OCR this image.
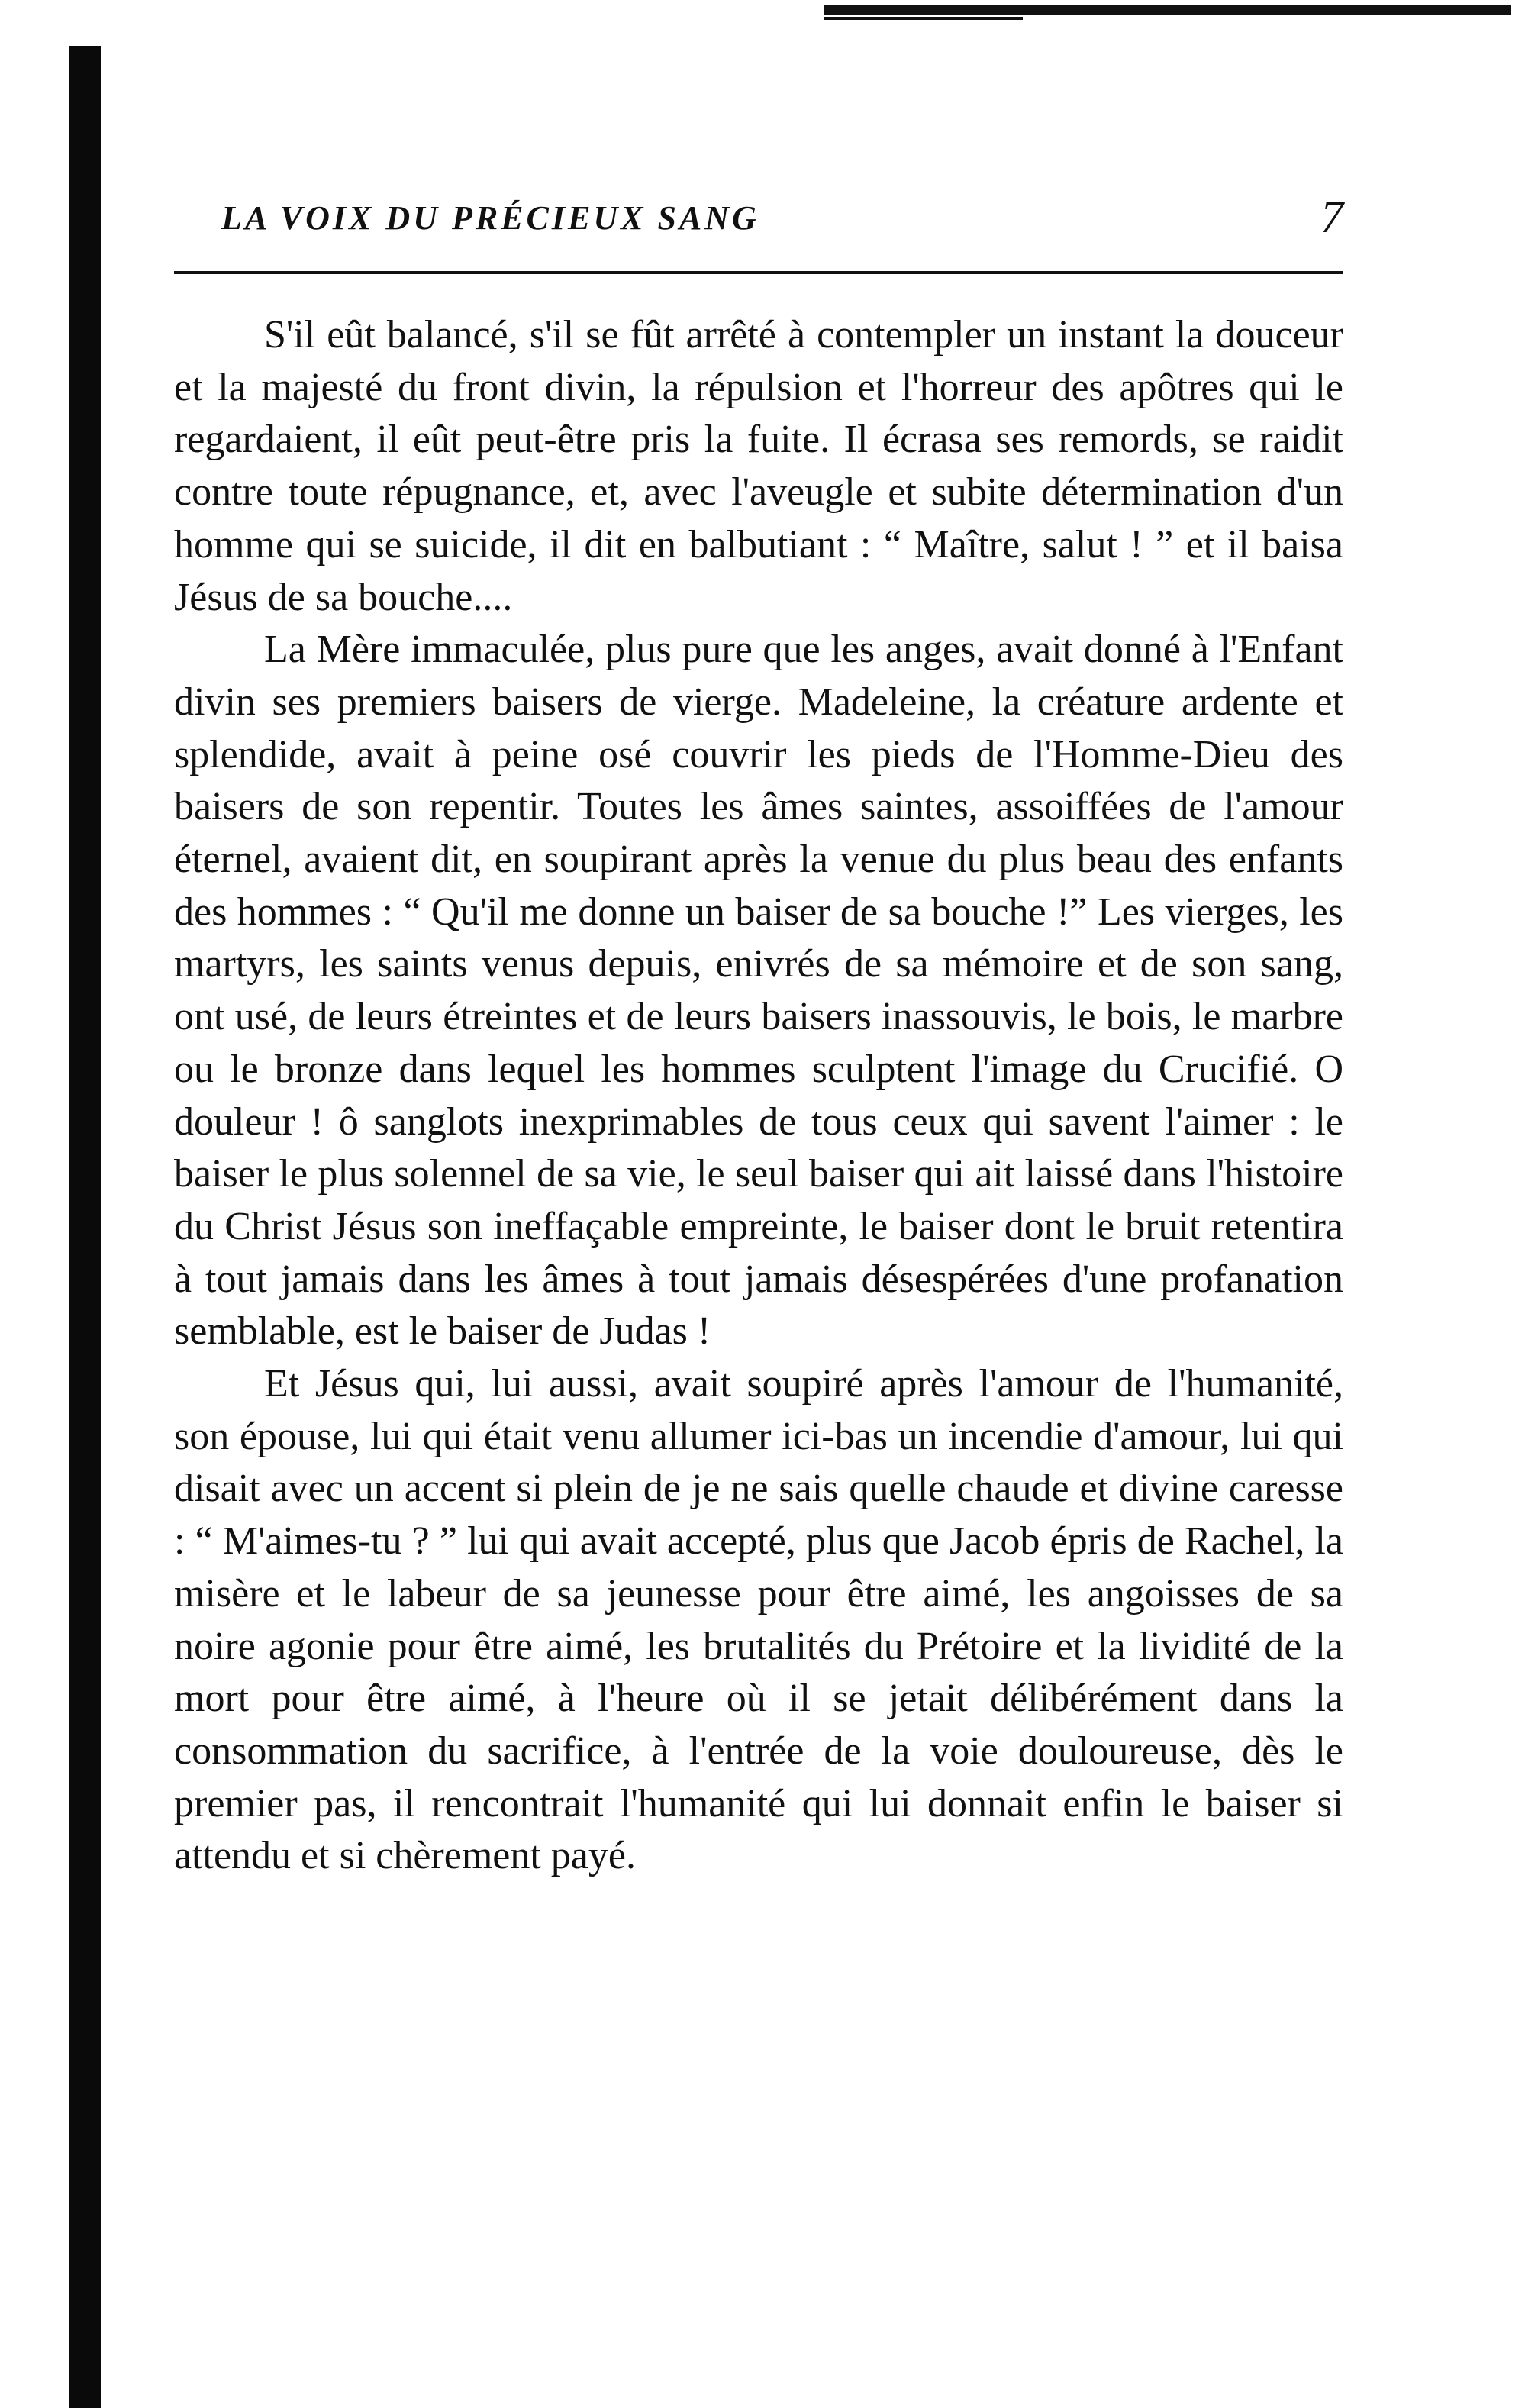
LA VOIX DU PRÉCIEUX SANG	7

S'il eût balancé, s'il se fût arrêté à contempler un instant la douceur et la majesté du front divin, la répulsion et l'horreur des apôtres qui le regardaient, il eût peut-être pris la fuite. Il écrasa ses remords, se raidit contre toute répugnance, et, avec l'aveugle et subite détermination d'un homme qui se suicide, il dit en balbutiant : “ Maître, salut ! ” et il baisa Jésus de sa bouche....

La Mère immaculée, plus pure que les anges, avait donné à l'Enfant divin ses premiers baisers de vierge. Madeleine, la créature ardente et splendide, avait à peine osé couvrir les pieds de l'Homme-Dieu des baisers de son repentir. Toutes les âmes saintes, assoiffées de l'amour éternel, avaient dit, en soupirant après la venue du plus beau des enfants des hommes : “ Qu'il me donne un baiser de sa bouche !” Les vierges, les martyrs, les saints venus depuis, enivrés de sa mémoire et de son sang, ont usé, de leurs étreintes et de leurs baisers inassouvis, le bois, le marbre ou le bronze dans lequel les hommes sculptent l'image du Crucifié. O douleur ! ô sanglots inexprimables de tous ceux qui savent l'aimer : le baiser le plus solennel de sa vie, le seul baiser qui ait laissé dans l'histoire du Christ Jésus son ineffaçable empreinte, le baiser dont le bruit retentira à tout jamais dans les âmes à tout jamais désespérées d'une profanation semblable, est le baiser de Judas !

Et Jésus qui, lui aussi, avait soupiré après l'amour de l'humanité, son épouse, lui qui était venu allumer ici-bas un incendie d'amour, lui qui disait avec un accent si plein de je ne sais quelle chaude et divine caresse : “ M'aimes-tu ? ” lui qui avait accepté, plus que Jacob épris de Rachel, la misère et le labeur de sa jeunesse pour être aimé, les angoisses de sa noire agonie pour être aimé, les brutalités du Prétoire et la lividité de la mort pour être aimé, à l'heure où il se jetait délibérément dans la consommation du sacrifice, à l'entrée de la voie douloureuse, dès le premier pas, il rencontrait l'humanité qui lui donnait enfin le baiser si attendu et si chèrement payé.
